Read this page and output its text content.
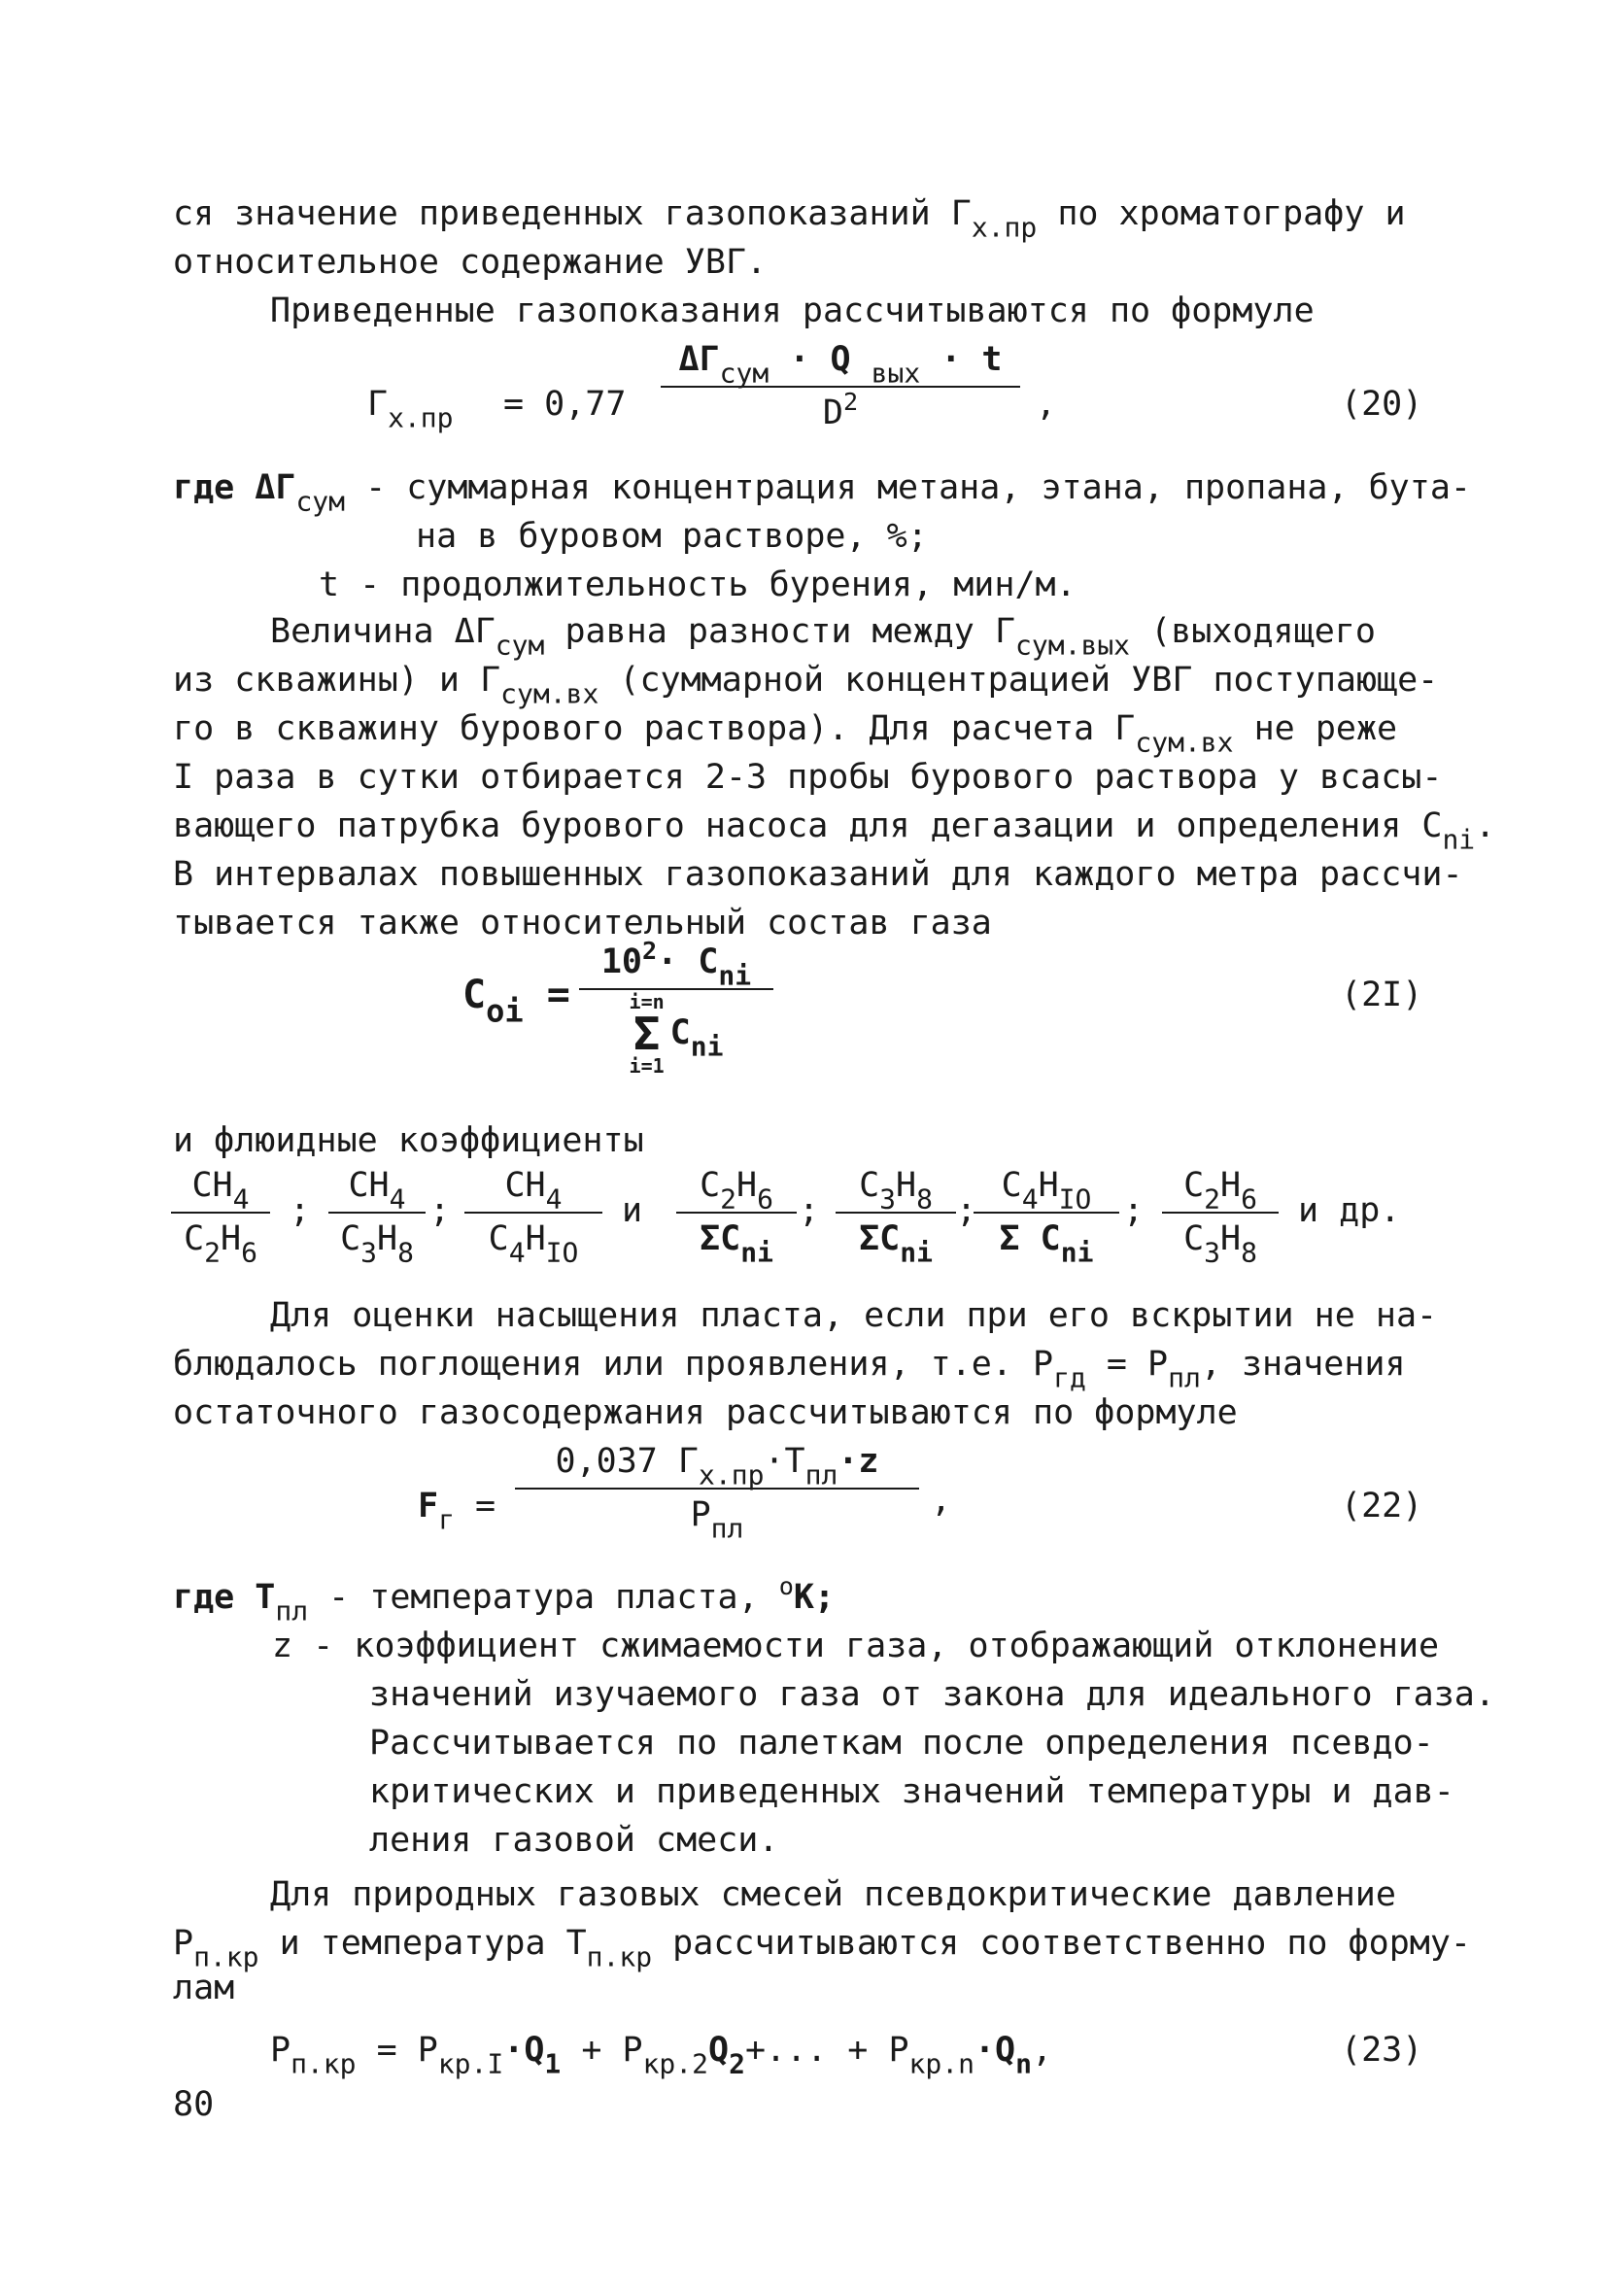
ся значение приведенных газопоказаний $Г_{х.пр}$ по хроматографу и
относительное содержание УВГ.
Приведенные газопоказания рассчитываются по формуле
$Г_{х.пр} = 0,77$
$\Delta Г_{сум} \cdot Q$ $_{вых}$ · t
$D^2$	,	(20)
где $\Delta Г_{сум}$ - суммарная концентрация метана, этана, пропана, бута-
на в буровом растворе, %;
t - продолжительность бурения, мин/м.
Величина $\Delta Г_{сум}$ равна разности между $Г_{сум.вых}$ (выходящего
из скважины) и $Г_{сум.вх}$ (суммарной концентрацией УВГ поступающе-
го в скважину бурового раствора). Для расчета $Г_{сум.вх}$ не реже
I раза в сутки отбирается 2-3 пробы бурового раствора у всасы-
вающего патрубка бурового насоса для дегазации и определения $C_{ni}$.
В интервалах повышенных газопоказаний для каждого метра рассчи-
тывается также относительный состав газа
$C_{oi}$ =
$10^2\cdot C_{ni}$
i=n
Σ
i=1
$C_{ni}$
(2I)
и флюидные коэффициенты
$CH_4$
$C_2H_6$
;
$CH_4$
$C_3H_8$
;
$CH_4$
$C_4H_{IO}$
и
$C_2H_6$
$\Sigma C_{ni}$
;
$C_3H_8$
$\Sigma C_{ni}$
;
$C_4H_{IO}$
Σ $C_{ni}$
;
$C_2H_6$
$C_3H_8$
и др.
Для оценки насыщения пласта, если при его вскрытии не на-
блюдалось поглощения или проявления, т.е. $P_{гд} = P_{пл}$, значения
остаточного газосодержания рассчитываются по формуле
$F_г$ =
0,037 $Г_{х.пр}\cdot T_{пл}\cdot z$
$P_{пл}$
,	(22)
где $T_{пл}$ - температура пласта, $^o$K;
z - коэффициент сжимаемости газа, отображающий отклонение
значений изучаемого газа от закона для идеального газа.
Рассчитывается по палеткам после определения псевдо-
критических и приведенных значений температуры и дав-
ления газовой смеси.
Для природных газовых смесей псевдокритические давление
$P_{п.кр}$ и температура $T_{п.кр}$ рассчитываются соответственно по форму-
лам
$P_{п.кр} = P_{кр.I}\cdot Q_1 + P_{кр.2}Q_2+$... + $P_{кр.n}\cdot Q_n$,	(23)
80
